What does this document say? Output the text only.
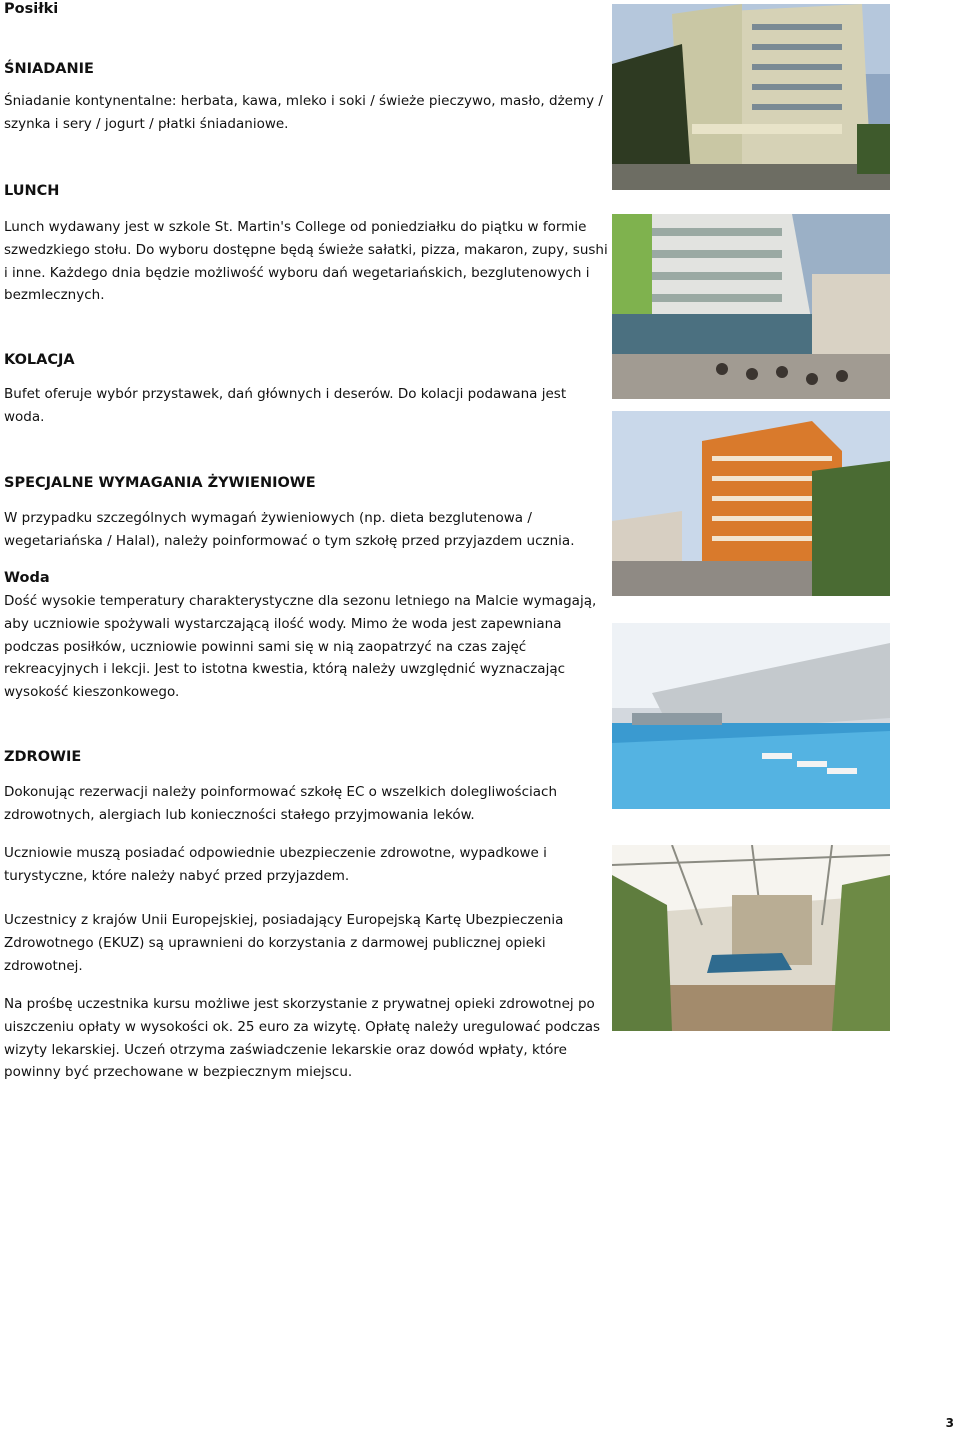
Posiłki
ŚNIADANIE
Śniadanie kontynentalne: herbata, kawa, mleko i soki / świeże pieczywo, masło, dżemy /
szynka i sery / jogurt / płatki śniadaniowe.
LUNCH
Lunch wydawany jest w szkole St. Martin's College od poniedziałku do piątku w formie
szwedzkiego stołu. Do wyboru dostępne będą świeże sałatki, pizza, makaron, zupy, sushi
i inne. Każdego dnia będzie możliwość wyboru dań wegetariańskich, bezglutenowych i
bezmlecznych.
KOLACJA
Bufet oferuje wybór przystawek, dań głównych i deserów. Do kolacji podawana jest
woda.
SPECJALNE WYMAGANIA ŻYWIENIOWE
W przypadku szczególnych wymagań żywieniowych (np. dieta bezglutenowa /
wegetariańska / Halal), należy poinformować o tym szkołę przed przyjazdem ucznia.
Woda
Dość wysokie temperatury charakterystyczne dla sezonu letniego na Malcie wymagają,
aby uczniowie spożywali wystarczającą ilość wody. Mimo że woda jest zapewniana
podczas posiłków, uczniowie powinni sami się w nią zaopatrzyć na czas zajęć
rekreacyjnych i lekcji. Jest to istotna kwestia, którą należy uwzględnić wyznaczając
wysokość kieszonkowego.
ZDROWIE
Dokonując rezerwacji należy poinformować szkołę EC o wszelkich dolegliwościach
zdrowotnych, alergiach lub konieczności stałego przyjmowania leków.
Uczniowie muszą posiadać odpowiednie ubezpieczenie zdrowotne, wypadkowe i
turystyczne, które należy nabyć przed przyjazdem.
Uczestnicy z krajów Unii Europejskiej, posiadający Europejską Kartę Ubezpieczenia
Zdrowotnego (EKUZ) są uprawnieni do korzystania z darmowej publicznej opieki
zdrowotnej.
Na prośbę uczestnika kursu możliwe jest skorzystanie z prywatnej opieki zdrowotnej po
uiszczeniu opłaty w wysokości ok. 25 euro za wizytę. Opłatę należy uregulować podczas
wizyty lekarskiej. Uczeń otrzyma zaświadczenie lekarskie oraz dowód wpłaty, które
powinny być przechowane w bezpiecznym miejscu.
3
